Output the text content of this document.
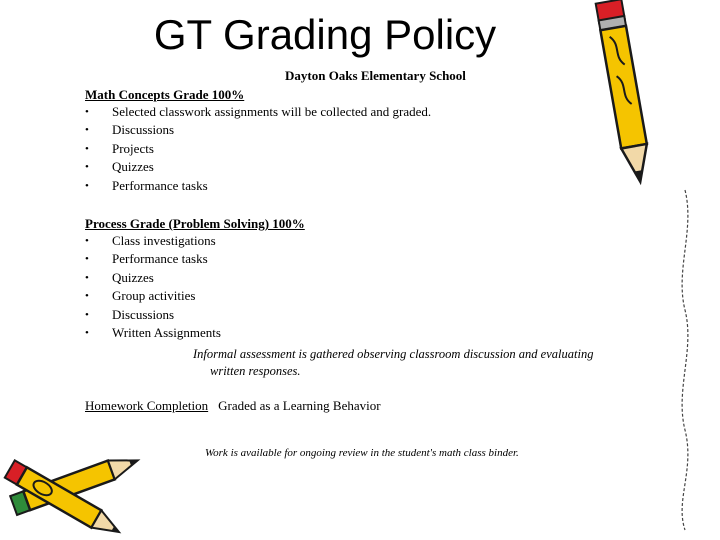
GT Grading Policy
Dayton Oaks Elementary School
Math Concepts Grade 100%
• Selected classwork assignments will be collected and graded.
• Discussions
• Projects
• Quizzes
• Performance tasks
Process Grade (Problem Solving) 100%
• Class investigations
• Performance tasks
• Quizzes
• Group activities
• Discussions
• Written Assignments
Informal assessment is gathered observing classroom discussion and evaluating
written responses.
Homework Completion Graded as a Learning Behavior
Work is available for ongoing review in the student's math class binder.
